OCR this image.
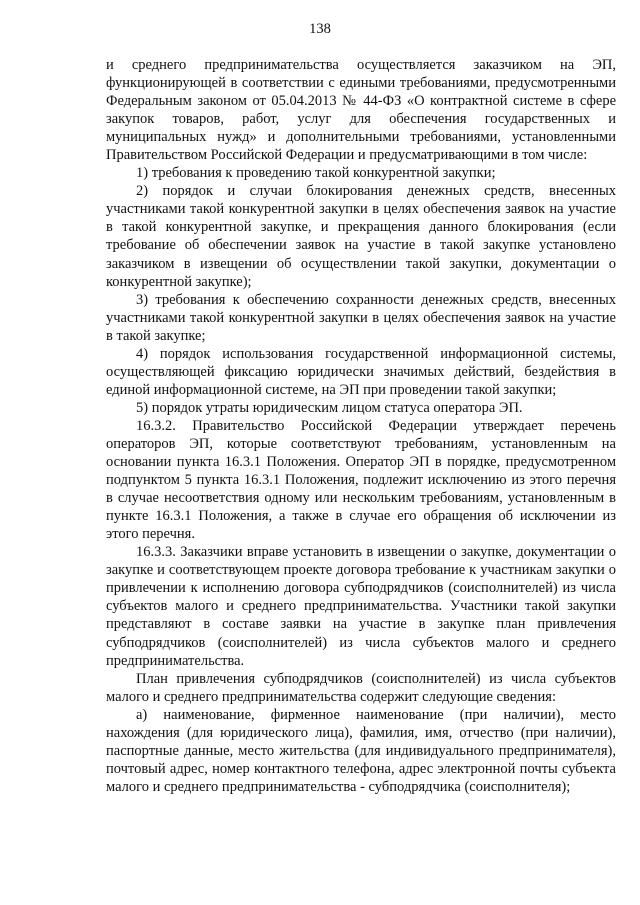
138

и среднего предпринимательства осуществляется заказчиком на ЭП, функционирующей в соответствии с едиными требованиями, предусмотренными Федеральным законом от 05.04.2013 № 44-ФЗ «О контрактной системе в сфере закупок товаров, работ, услуг для обеспечения государственных и муниципальных нужд» и дополнительными требованиями, установленными Правительством Российской Федерации и предусматривающими в том числе:

1) требования к проведению такой конкурентной закупки;

2) порядок и случаи блокирования денежных средств, внесенных участниками такой конкурентной закупки в целях обеспечения заявок на участие в такой конкурентной закупке, и прекращения данного блокирования (если требование об обеспечении заявок на участие в такой закупке установлено заказчиком в извещении об осуществлении такой закупки, документации о конкурентной закупке);

3) требования к обеспечению сохранности денежных средств, внесенных участниками такой конкурентной закупки в целях обеспечения заявок на участие в такой закупке;

4) порядок использования государственной информационной системы, осуществляющей фиксацию юридически значимых действий, бездействия в единой информационной системе, на ЭП при проведении такой закупки;

5) порядок утраты юридическим лицом статуса оператора ЭП.

16.3.2. Правительство Российской Федерации утверждает перечень операторов ЭП, которые соответствуют требованиям, установленным на основании пункта 16.3.1 Положения. Оператор ЭП в порядке, предусмотренном подпунктом 5 пункта 16.3.1 Положения, подлежит исключению из этого перечня в случае несоответствия одному или нескольким требованиям, установленным в пункте 16.3.1 Положения, а также в случае его обращения об исключении из этого перечня.

16.3.3. Заказчики вправе установить в извещении о закупке, документации о закупке и соответствующем проекте договора требование к участникам закупки о привлечении к исполнению договора субподрядчиков (соисполнителей) из числа субъектов малого и среднего предпринимательства. Участники такой закупки представляют в составе заявки на участие в закупке план привлечения субподрядчиков (соисполнителей) из числа субъектов малого и среднего предпринимательства.

План привлечения субподрядчиков (соисполнителей) из числа субъектов малого и среднего предпринимательства содержит следующие сведения:

а) наименование, фирменное наименование (при наличии), место нахождения (для юридического лица), фамилия, имя, отчество (при наличии), паспортные данные, место жительства (для индивидуального предпринимателя), почтовый адрес, номер контактного телефона, адрес электронной почты субъекта малого и среднего предпринимательства - субподрядчика (соисполнителя);
